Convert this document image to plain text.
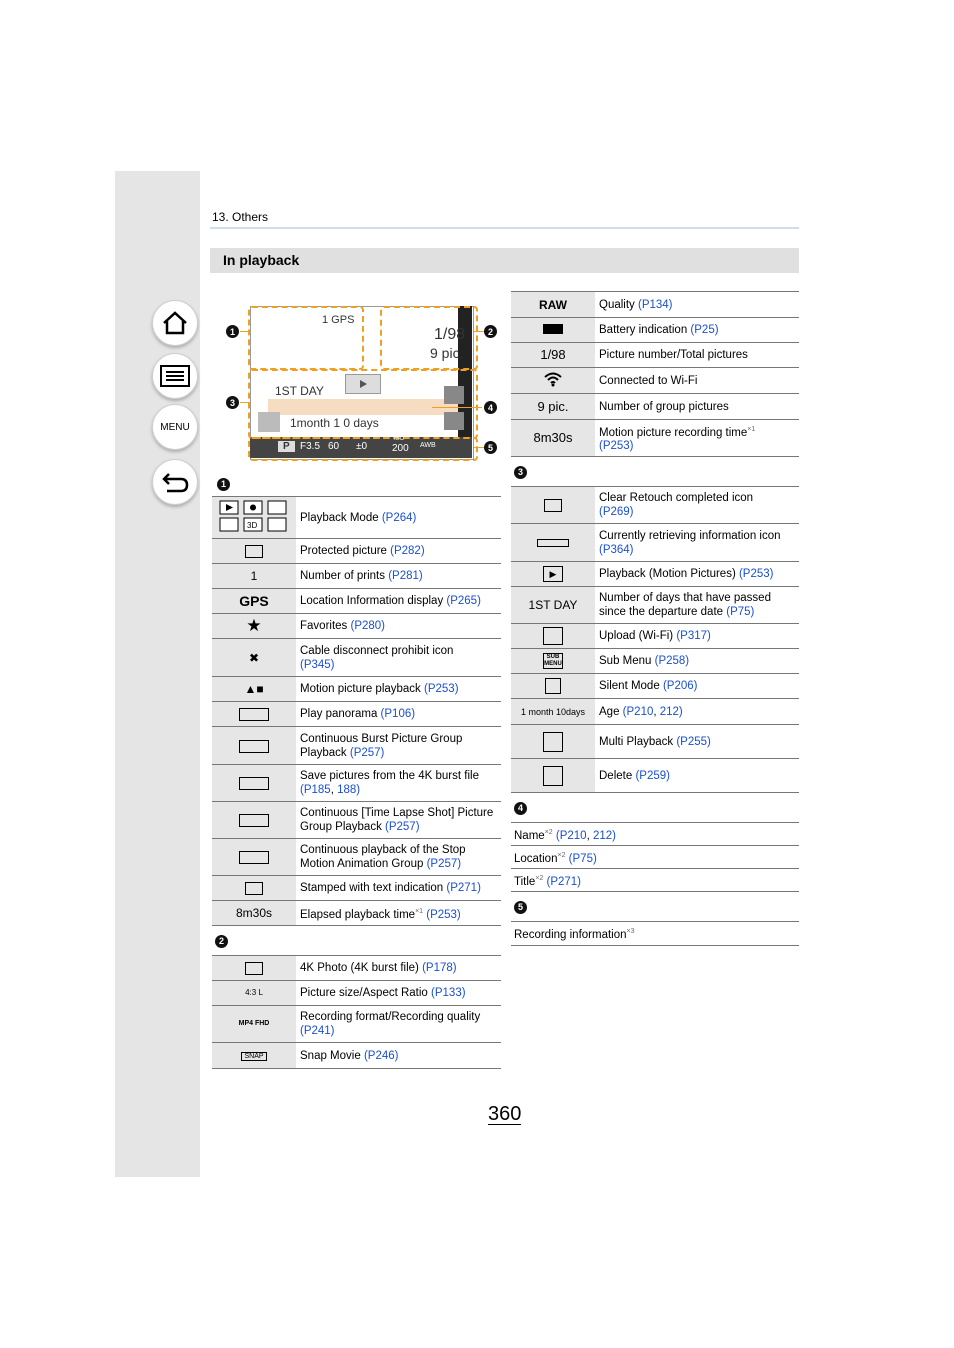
MENU
13. Others
In playback
1	2
3	4
5
1 GPS
1/98
9 pic.
1ST DAY
1month 1 0 days
P	F3.5 60 ±0
ISO
200 AWB
1
3D	Playback Mode (P264)
	Protected picture (P282)
1	Number of prints (P281)
GPS	Location Information display (P265)
★	Favorites (P280)
✖	Cable disconnect prohibit icon
(P345)
▲■	Motion picture playback (P253)
	Play panorama (P106)
	Continuous Burst Picture Group Playback (P257)
	Save pictures from the 4K burst file
(P185, 188)
	Continuous [Time Lapse Shot] Picture Group Playback (P257)
	Continuous playback of the Stop Motion Animation Group (P257)
	Stamped with text indication (P271)
8m30s	Elapsed playback time$^{\times 1}$ (P253)
2	
	4K Photo (4K burst file) (P178)
4:3 L	Picture size/Aspect Ratio (P133)
MP4 FHD	Recording format/Recording quality
(P241)
SNAP	Snap Movie (P246)
RAW	Quality (P134)
	Battery indication (P25)
1/98	Picture number/Total pictures
	Connected to Wi-Fi
9 pic.	Number of group pictures
8m30s	Motion picture recording time$^{\times 1}$
(P253)
3	
	Clear Retouch completed icon
(P269)
	Currently retrieving information icon
(P364)
▶	Playback (Motion Pictures) (P253)
1ST DAY	Number of days that have passed since the departure date (P75)
	Upload (Wi-Fi) (P317)
SUB MENU	Sub Menu (P258)
	Silent Mode (P206)
1 month 10days	Age (P210, 212)
	Multi Playback (P255)
	Delete (P259)
4	
Name$^{\times 2}$ (P210, 212)	
Location$^{\times 2}$ (P75)	
Title$^{\times 2}$ (P271)	
5	
Recording information$^{\times 3}$
360
